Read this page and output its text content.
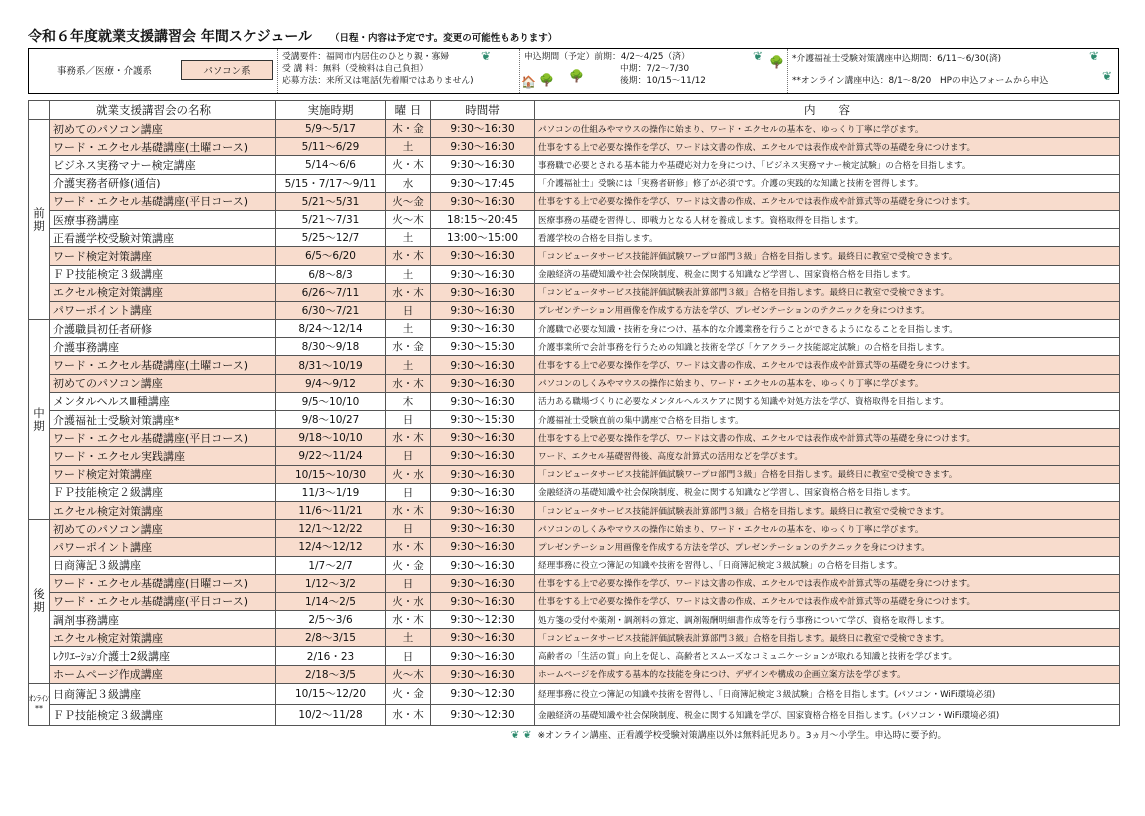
令和６年度就業支援講習会 年間スケジュール （日程・内容は予定です。変更の可能性もあります）
事務系／医療・介護系	パソコン系
受講要件：福岡市内居住のひとり親・寡婦
受 講 料：無料（受検料は自己負担）
応募方法：来所又は電話(先着順ではありません)
申込期間（予定）前期：4/2～4/25（済）
中期：7/2～7/30
後期：10/15～11/12
*介護福祉士受験対策講座申込期間：6/11～6/30(済)
**オンライン講座申込：8/1～8/20　HPの申込フォームから申込
❦
🏠 🌳 🌳
❦ 🌳	❦
❦
	就業支援講習会の名称	実施時期	曜 日	時間帯	内　　容
前期	初めてのパソコン講座	5/9～5/17	木・金	9:30～16:30	パソコンの仕組みやマウスの操作に始まり、ワード・エクセルの基本を、ゆっくり丁寧に学びます。
	ワード・エクセル基礎講座(土曜コース)	5/11～6/29	土	9:30～16:30	仕事をする上で必要な操作を学び、ワードは文書の作成、エクセルでは表作成や計算式等の基礎を身につけます。
	ビジネス実務マナー検定講座	5/14～6/6	火・木	9:30～16:30	事務職で必要とされる基本能力や基礎応対力を身につけ、「ビジネス実務マナー検定試験」の合格を目指します。
	介護実務者研修(通信)	5/15・7/17～9/11	水	9:30～17:45	「介護福祉士」受験には「実務者研修」修了が必須です。介護の実践的な知識と技術を習得します。
	ワード・エクセル基礎講座(平日コース)	5/21～5/31	火～金	9:30～16:30	仕事をする上で必要な操作を学び、ワードは文書の作成、エクセルでは表作成や計算式等の基礎を身につけます。
	医療事務講座	5/21～7/31	火～木	18:15～20:45	医療事務の基礎を習得し、即戦力となる人材を養成します。資格取得を目指します。
	正看護学校受験対策講座	5/25～12/7	土	13:00～15:00	看護学校の合格を目指します。
	ワード検定対策講座	6/5～6/20	水・木	9:30～16:30	「コンピュータサービス技能評価試験ワープロ部門３級」合格を目指します。最終日に教室で受検できます。
	ＦＰ技能検定３級講座	6/8～8/3	土	9:30～16:30	金融経済の基礎知識や社会保険制度、税金に関する知識など学習し、国家資格合格を目指します。
	エクセル検定対策講座	6/26～7/11	水・木	9:30～16:30	「コンピュータサービス技能評価試験表計算部門３級」合格を目指します。最終日に教室で受検できます。
	パワーポイント講座	6/30～7/21	日	9:30～16:30	プレゼンテーション用画像を作成する方法を学び、プレゼンテーションのテクニックを身につけます。
中期	介護職員初任者研修	8/24～12/14	土	9:30～16:30	介護職で必要な知識・技術を身につけ、基本的な介護業務を行うことができるようになることを目指します。
	介護事務講座	8/30～9/18	水・金	9:30～15:30	介護事業所で会計事務を行うための知識と技術を学び「ケアクラーク技能認定試験」の合格を目指します。
	ワード・エクセル基礎講座(土曜コース)	8/31～10/19	土	9:30～16:30	仕事をする上で必要な操作を学び、ワードは文書の作成、エクセルでは表作成や計算式等の基礎を身につけます。
	初めてのパソコン講座	9/4～9/12	水・木	9:30～16:30	パソコンのしくみやマウスの操作に始まり、ワード・エクセルの基本を、ゆっくり丁寧に学びます。
	メンタルヘルスⅢ種講座	9/5～10/10	木	9:30～16:30	活力ある職場づくりに必要なメンタルヘルスケアに関する知識や対処方法を学び、資格取得を目指します。
	介護福祉士受験対策講座*	9/8～10/27	日	9:30～15:30	介護福祉士受験直前の集中講座で合格を目指します。
	ワード・エクセル基礎講座(平日コース)	9/18～10/10	水・木	9:30～16:30	仕事をする上で必要な操作を学び、ワードは文書の作成、エクセルでは表作成や計算式等の基礎を身につけます。
	ワード・エクセル実践講座	9/22～11/24	日	9:30～16:30	ワード、エクセル基礎習得後、高度な計算式の活用などを学びます。
	ワード検定対策講座	10/15～10/30	火・水	9:30～16:30	「コンピュータサービス技能評価試験ワープロ部門３級」合格を目指します。最終日に教室で受検できます。
	ＦＰ技能検定２級講座	11/3～1/19	日	9:30～16:30	金融経済の基礎知識や社会保険制度、税金に関する知識など学習し、国家資格合格を目指します。
	エクセル検定対策講座	11/6～11/21	水・木	9:30～16:30	「コンピュータサービス技能評価試験表計算部門３級」合格を目指します。最終日に教室で受検できます。
後期	初めてのパソコン講座	12/1～12/22	日	9:30～16:30	パソコンのしくみやマウスの操作に始まり、ワード・エクセルの基本を、ゆっくり丁寧に学びます。
	パワーポイント講座	12/4～12/12	水・木	9:30～16:30	プレゼンテーション用画像を作成する方法を学び、プレゼンテーションのテクニックを身につけます。
	日商簿記３級講座	1/7～2/7	火・金	9:30～16:30	経理事務に役立つ簿記の知識や技術を習得し、「日商簿記検定３級試験」の合格を目指します。
	ワード・エクセル基礎講座(日曜コース)	1/12～3/2	日	9:30～16:30	仕事をする上で必要な操作を学び、ワードは文書の作成、エクセルでは表作成や計算式等の基礎を身につけます。
	ワード・エクセル基礎講座(平日コース)	1/14～2/5	火・水	9:30～16:30	仕事をする上で必要な操作を学び、ワードは文書の作成、エクセルでは表作成や計算式等の基礎を身につけます。
	調剤事務講座	2/5～3/6	水・木	9:30～12:30	処方箋の受付や薬剤・調剤料の算定、調剤報酬明細書作成等を行う事務について学び、資格を取得します。
	エクセル検定対策講座	2/8～3/15	土	9:30～16:30	「コンピュータサービス技能評価試験表計算部門３級」合格を目指します。最終日に教室で受検できます。
	ﾚｸﾘｴｰｼｮﾝ介護士2級講座	2/16・23	日	9:30～16:30	高齢者の「生活の質」向上を促し、高齢者とスムーズなコミュニケーションが取れる知識と技術を学びます。
	ホームページ作成講座	2/18～3/5	火～木	9:30～16:30	ホームページを作成する基本的な技能を身につけ、デザインや構成の企画立案方法を学びます。
ｵﾝﾗｲﾝ**	日商簿記３級講座	10/15～12/20	火・金	9:30～12:30	経理事務に役立つ簿記の知識や技術を習得し、「日商簿記検定３級試験」合格を目指します。(パソコン・WiFi環境必須)
	ＦＰ技能検定３級講座	10/2～11/28	水・木	9:30～12:30	金融経済の基礎知識や社会保険制度、税金に関する知識を学び、国家資格合格を目指します。(パソコン・WiFi環境必須)
❦ ❦					※オンライン講座、正看護学校受験対策講座以外は無料託児あり。3ヵ月～小学生。申込時に要予約。
